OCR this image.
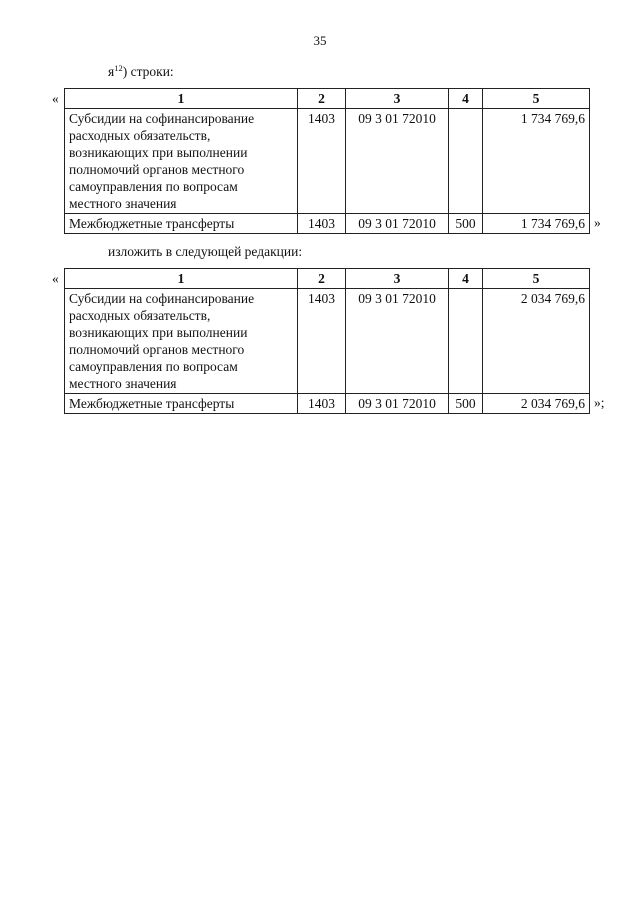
35
$я^{12}$) строки:
«	1	2	3	4	5
Субсидии на софинансирование расходных обязательств, возникающих при выполнении полномочий органов местного самоуправления по вопросам местного значения	1403	09 3 01 72010		1 734 769,6
Межбюджетные трансферты	1403	09 3 01 72010	500	1 734 769,6 »
изложить в следующей редакции:
«	1	2	3	4	5
Субсидии на софинансирование расходных обязательств, возникающих при выполнении полномочий органов местного самоуправления по вопросам местного значения	1403	09 3 01 72010		2 034 769,6
Межбюджетные трансферты	1403	09 3 01 72010	500	2 034 769,6 »;
